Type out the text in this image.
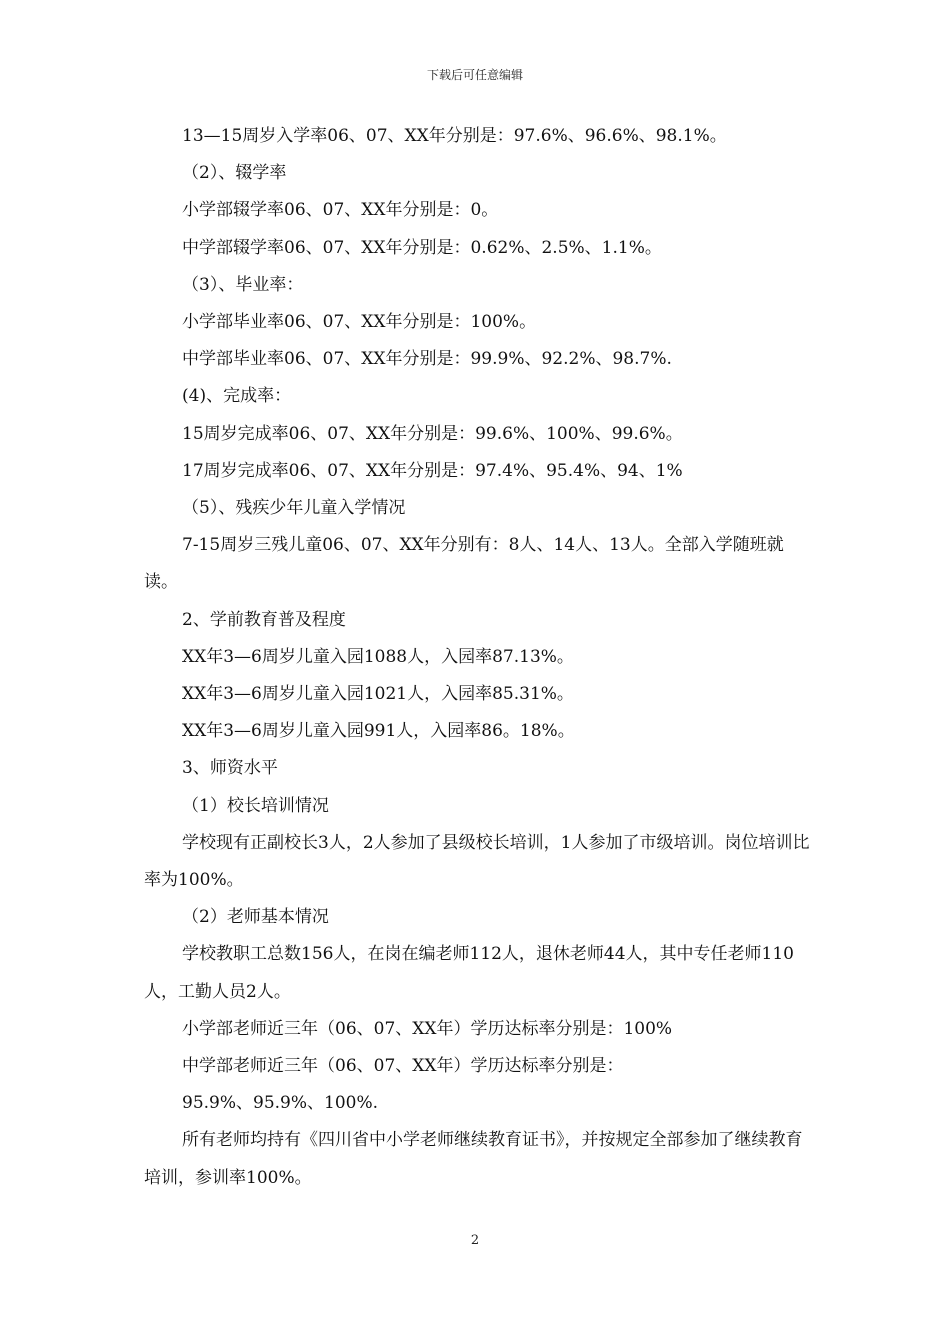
下载后可任意编辑

13—15周岁入学率06、07、XX年分别是：97.6%、96.6%、98.1%。

（2）、辍学率

小学部辍学率06、07、XX年分别是：0。

中学部辍学率06、07、XX年分别是：0.62%、2.5%、1.1%。

（3）、毕业率：

小学部毕业率06、07、XX年分别是：100%。

中学部毕业率06、07、XX年分别是：99.9%、92.2%、98.7%.

(4)、完成率：

15周岁完成率06、07、XX年分别是：99.6%、100%、99.6%。

17周岁完成率06、07、XX年分别是：97.4%、95.4%、94、1%

（5）、残疾少年儿童入学情况

7-15周岁三残儿童06、07、XX年分别有：8人、14人、13人。全部入学随班就读。

2、学前教育普及程度

XX年3—6周岁儿童入园1088人，入园率87.13%。

XX年3—6周岁儿童入园1021人，入园率85.31%。

XX年3—6周岁儿童入园991人，入园率86。18%。

3、师资水平

（1）校长培训情况

学校现有正副校长3人，2人参加了县级校长培训，1人参加了市级培训。岗位培训比率为100%。

（2）老师基本情况

学校教职工总数156人，在岗在编老师112人，退休老师44人，其中专任老师110人，工勤人员2人。

小学部老师近三年（06、07、XX年）学历达标率分别是：100%

中学部老师近三年（06、07、XX年）学历达标率分别是：

95.9%、95.9%、100%.

所有老师均持有《四川省中小学老师继续教育证书》，并按规定全部参加了继续教育培训，参训率100%。

2
